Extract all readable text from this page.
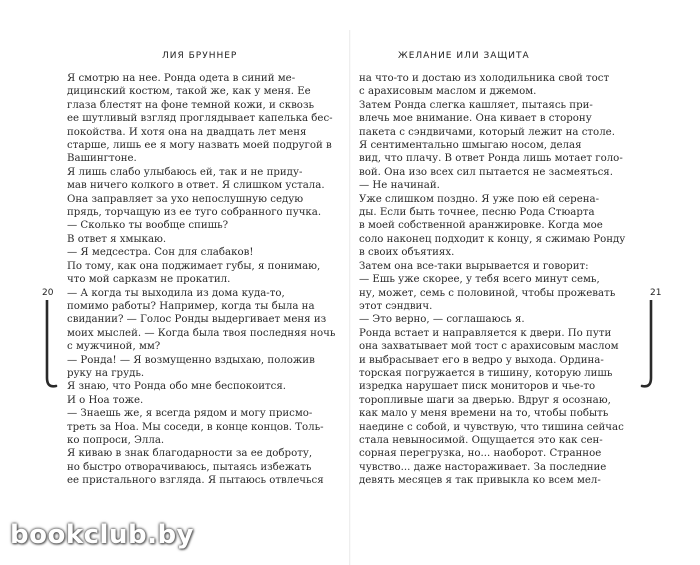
ЛИЯ БРУННЕР
Я смотрю на нее. Ронда одета в синий ме-
дицинский костюм, такой же, как у меня. Ее
глаза блестят на фоне темной кожи, и сквозь
ее шутливый взгляд проглядывает капелька бес-
покойства. И хотя она на двадцать лет меня
старше, лишь ее я могу назвать моей подругой в
Вашингтоне.
Я лишь слабо улыбаюсь ей, так и не приду-
мав ничего колкого в ответ. Я слишком устала.
Она заправляет за ухо непослушную седую
прядь, торчащую из ее туго собранного пучка.
— Сколько ты вообще спишь?
В ответ я хмыкаю.
— Я медсестра. Сон для слабаков!
По тому, как она поджимает губы, я понимаю,
что мой сарказм не прокатил.
— А когда ты выходила из дома куда-то,
помимо работы? Например, когда ты была на
свидании? — Голос Ронды выдергивает меня из
моих мыслей. — Когда была твоя последняя ночь
с мужчиной, мм?
— Ронда! — Я возмущенно вздыхаю, положив
руку на грудь.
Я знаю, что Ронда обо мне беспокоится.
И о Ноа тоже.
— Знаешь же, я всегда рядом и могу присмо-
треть за Ноа. Мы соседи, в конце концов. Толь-
ко попроси, Элла.
Я киваю в знак благодарности за ее доброту,
но быстро отворачиваюсь, пытаясь избежать
ее пристального взгляда. Я пытаюсь отвлечься
ЖЕЛАНИЕ ИЛИ ЗАЩИТА
на что-то и достаю из холодильника свой тост
с арахисовым маслом и джемом.
Затем Ронда слегка кашляет, пытаясь при-
влечь мое внимание. Она кивает в сторону
пакета с сэндвичами, который лежит на столе.
Я сентиментально шмыгаю носом, делая
вид, что плачу. В ответ Ронда лишь мотает голо-
вой. Она изо всех сил пытается не засмеяться.
— Не начинай.
Уже слишком поздно. Я уже пою ей серена-
ды. Если быть точнее, песню Рода Стюарта
в моей собственной аранжировке. Когда мое
соло наконец подходит к концу, я сжимаю Ронду
в своих объятиях.
Затем она все-таки вырывается и говорит:
— Ешь уже скорее, у тебя всего минут семь,
ну, может, семь с половиной, чтобы прожевать
этот сэндвич.
— Это верно, — соглашаюсь я.
Ронда встает и направляется к двери. По пути
она захватывает мой тост с арахисовым маслом
и выбрасывает его в ведро у выхода. Ордина-
торская погружается в тишину, которую лишь
изредка нарушает писк мониторов и чье-то
торопливые шаги за дверью. Вдруг я осознаю,
как мало у меня времени на то, чтобы побыть
наедине с собой, и чувствую, что тишина сейчас
стала невыносимой. Ощущается это как сен-
сорная перегрузка, но... наоборот. Странное
чувство... даже настораживает. За последние
девять месяцев я так привыкла ко всем мел-
20	21
bookclub.by
